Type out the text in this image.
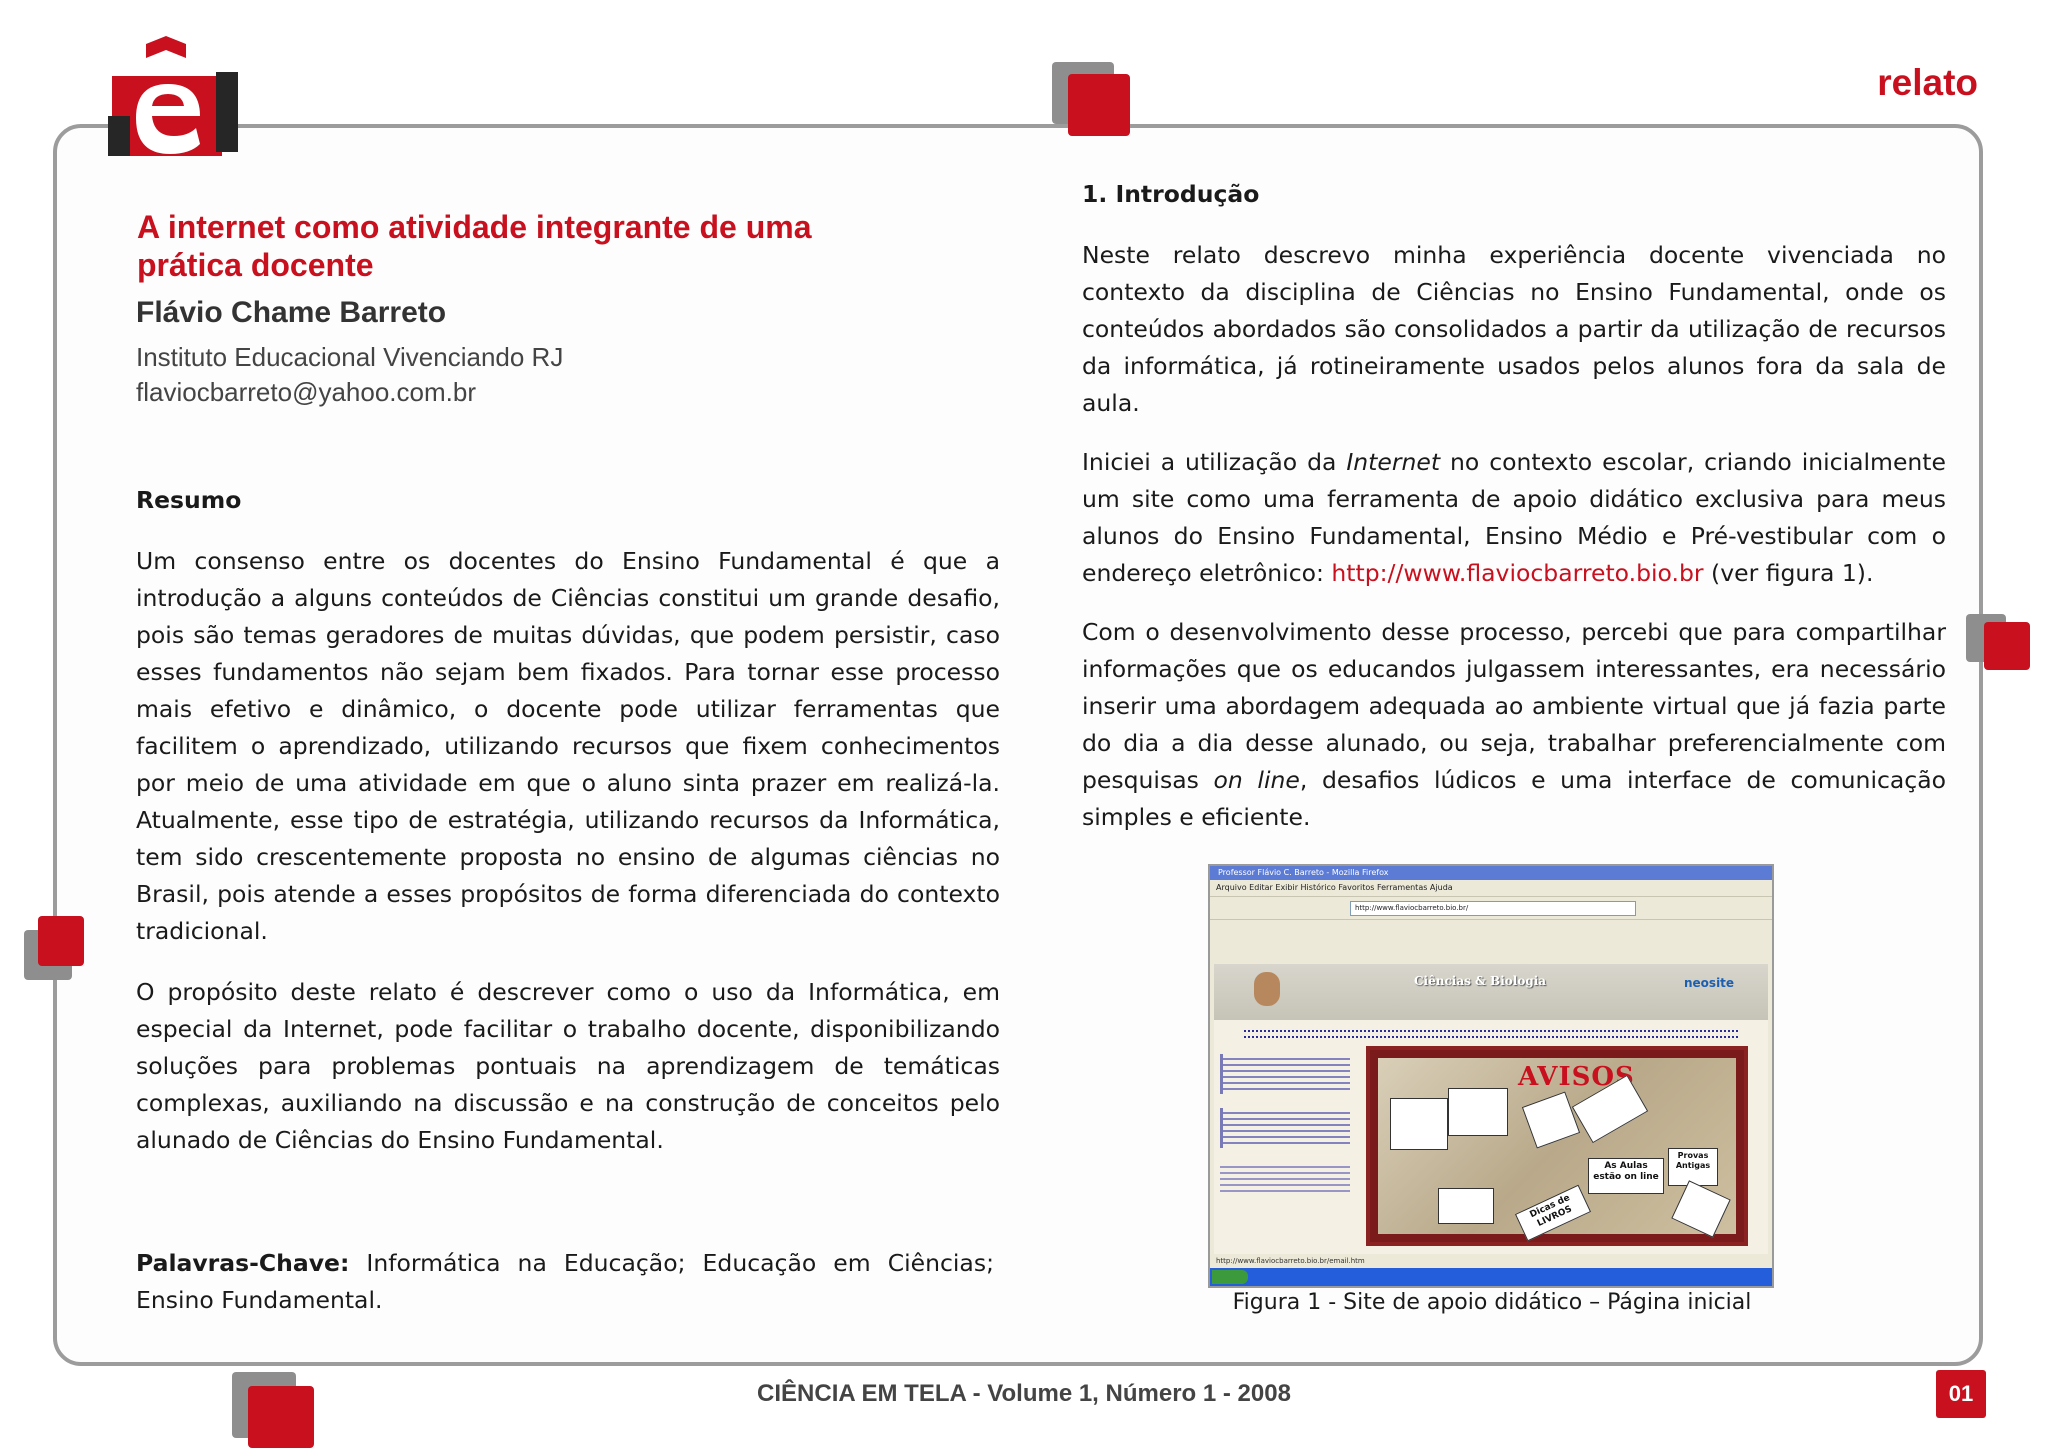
relato
A internet como atividade integrante de uma prática docente
Flávio Chame Barreto
Instituto Educacional Vivenciando RJ
flaviocbarreto@yahoo.com.br

Resumo

Um consenso entre os docentes do Ensino Fundamental é que a introdução a alguns conteúdos de Ciências constitui um grande desafio, pois são temas geradores de muitas dúvidas, que podem persistir, caso esses fundamentos não sejam bem fixados. Para tornar esse processo mais efetivo e dinâmico, o docente pode utilizar ferramentas que facilitem o aprendizado, utilizando recursos que fixem conhecimentos por meio de uma atividade em que o aluno sinta prazer em realizá-la. Atualmente, esse tipo de estratégia, utilizando recursos da Informática, tem sido crescentemente proposta no ensino de algumas ciências no Brasil, pois atende a esses propósitos de forma diferenciada do contexto tradicional.

O propósito deste relato é descrever como o uso da Informática, em especial da Internet, pode facilitar o trabalho docente, disponibilizando soluções para problemas pontuais na aprendizagem de temáticas complexas, auxiliando na discussão e na construção de conceitos pelo alunado de Ciências do Ensino Fundamental.

Palavras-Chave: Informática na Educação; Educação em Ciências; Ensino Fundamental.

1. Introdução

Neste relato descrevo minha experiência docente vivenciada no contexto da disciplina de Ciências no Ensino Fundamental, onde os conteúdos abordados são consolidados a partir da utilização de recursos da informática, já rotineiramente usados pelos alunos fora da sala de aula.

Iniciei a utilização da Internet no contexto escolar, criando inicialmente um site como uma ferramenta de apoio didático exclusiva para meus alunos do Ensino Fundamental, Ensino Médio e Pré-vestibular com o endereço eletrônico: http://www.flaviocbarreto.bio.br (ver figura 1).

Com o desenvolvimento desse processo, percebi que para compartilhar informações que os educandos julgassem interessantes, era necessário inserir uma abordagem adequada ao ambiente virtual que já fazia parte do dia a dia desse alunado, ou seja, trabalhar preferencialmente com pesquisas on line, desafios lúdicos e uma interface de comunicação simples e eficiente.

Professor Flávio C. Barreto - Mozilla Firefox
Arquivo Editar Exibir Histórico Favoritos Ferramentas Ajuda
http://www.flaviocbarreto.bio.br/
Ciências & Biologia	neosite
AVISOS
As Aulas estão on line
Dicas de LIVROS
Provas Antigas
http://www.flaviocbarreto.bio.br/email.htm
Figura 1 - Site de apoio didático – Página inicial
CIÊNCIA EM TELA - Volume 1, Número 1 - 2008	01
